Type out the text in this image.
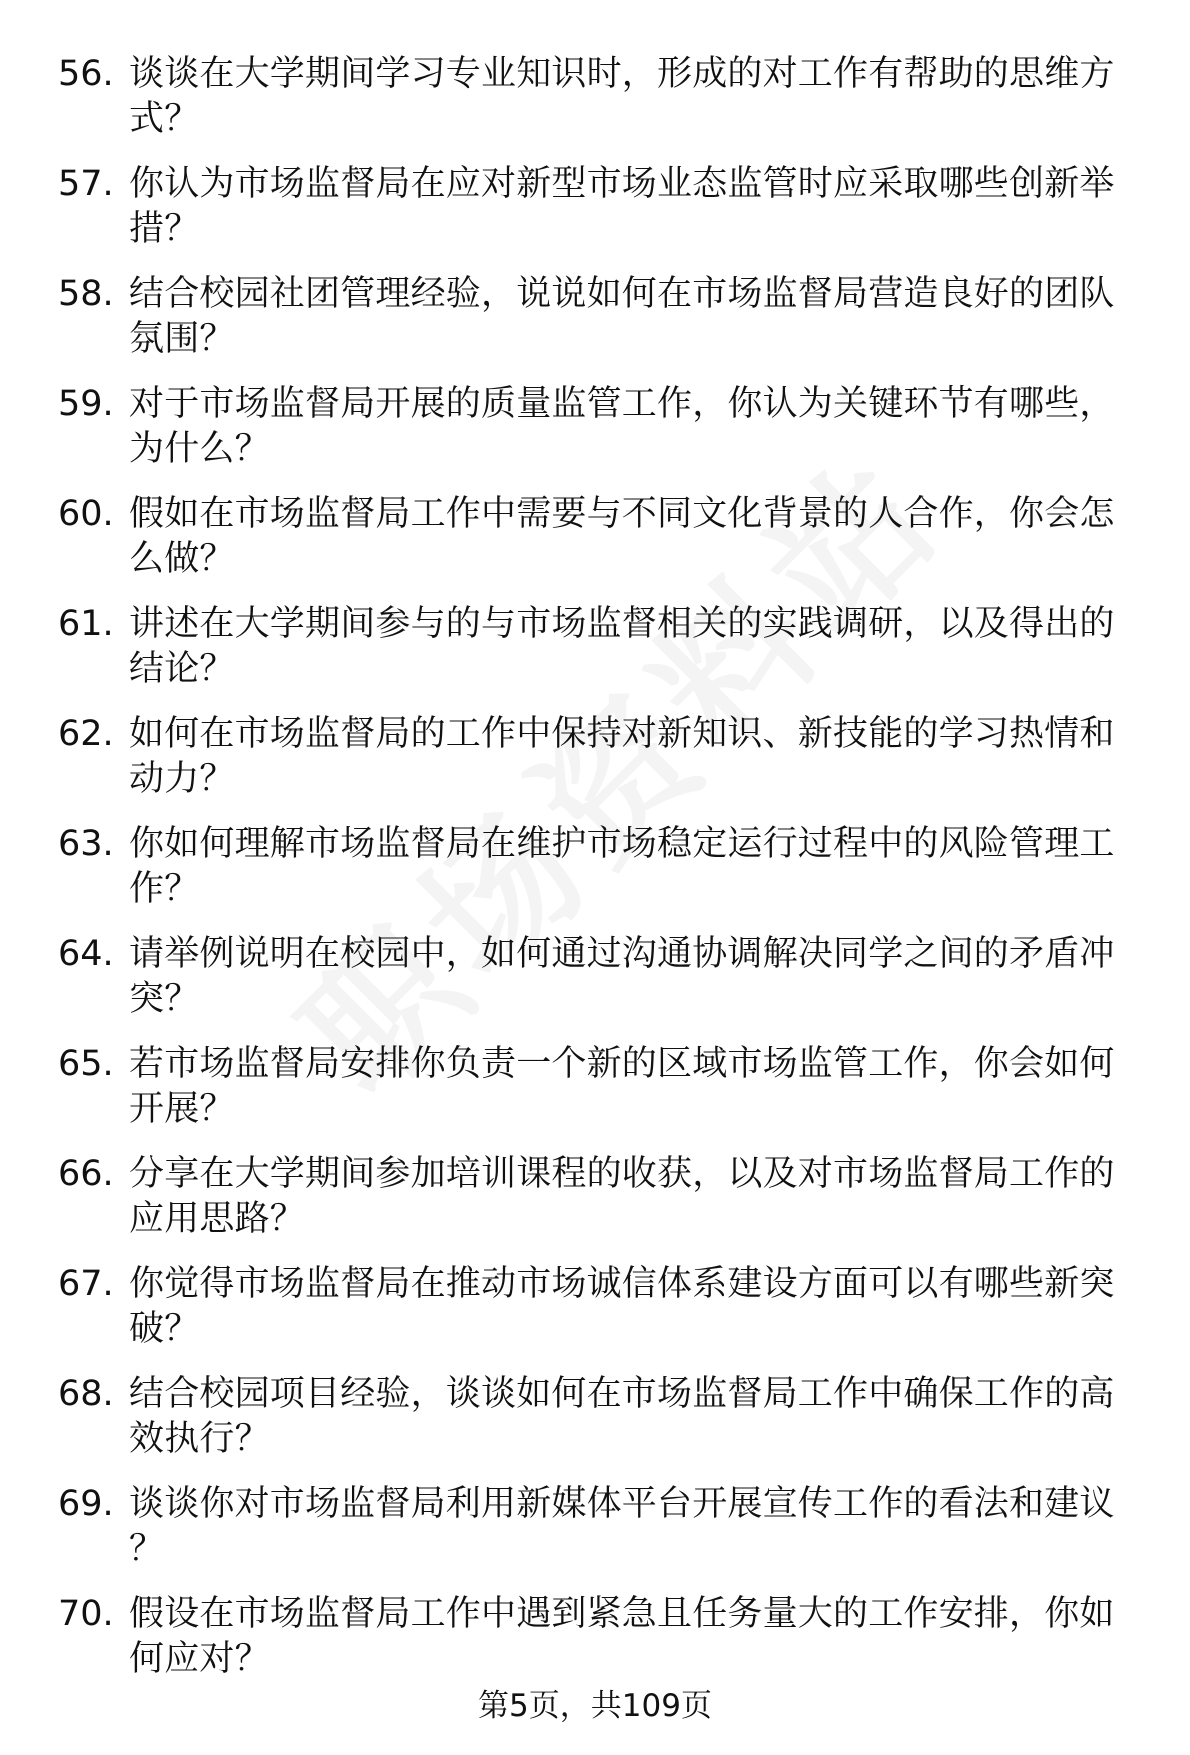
56. 谈谈在大学期间学习专业知识时，形成的对工作有帮助的思维方式？
57. 你认为市场监督局在应对新型市场业态监管时应采取哪些创新举措？
58. 结合校园社团管理经验，说说如何在市场监督局营造良好的团队氛围？
59. 对于市场监督局开展的质量监管工作，你认为关键环节有哪些，为什么？
60. 假如在市场监督局工作中需要与不同文化背景的人合作，你会怎么做？
61. 讲述在大学期间参与的与市场监督相关的实践调研，以及得出的结论？
62. 如何在市场监督局的工作中保持对新知识、新技能的学习热情和动力？
63. 你如何理解市场监督局在维护市场稳定运行过程中的风险管理工作？
64. 请举例说明在校园中，如何通过沟通协调解决同学之间的矛盾冲突？
65. 若市场监督局安排你负责一个新的区域市场监管工作，你会如何开展？
66. 分享在大学期间参加培训课程的收获，以及对市场监督局工作的应用思路？
67. 你觉得市场监督局在推动市场诚信体系建设方面可以有哪些新突破？
68. 结合校园项目经验，谈谈如何在市场监督局工作中确保工作的高效执行？
69. 谈谈你对市场监督局利用新媒体平台开展宣传工作的看法和建议？
70. 假设在市场监督局工作中遇到紧急且任务量大的工作安排，你如何应对？
第5页，共109页
